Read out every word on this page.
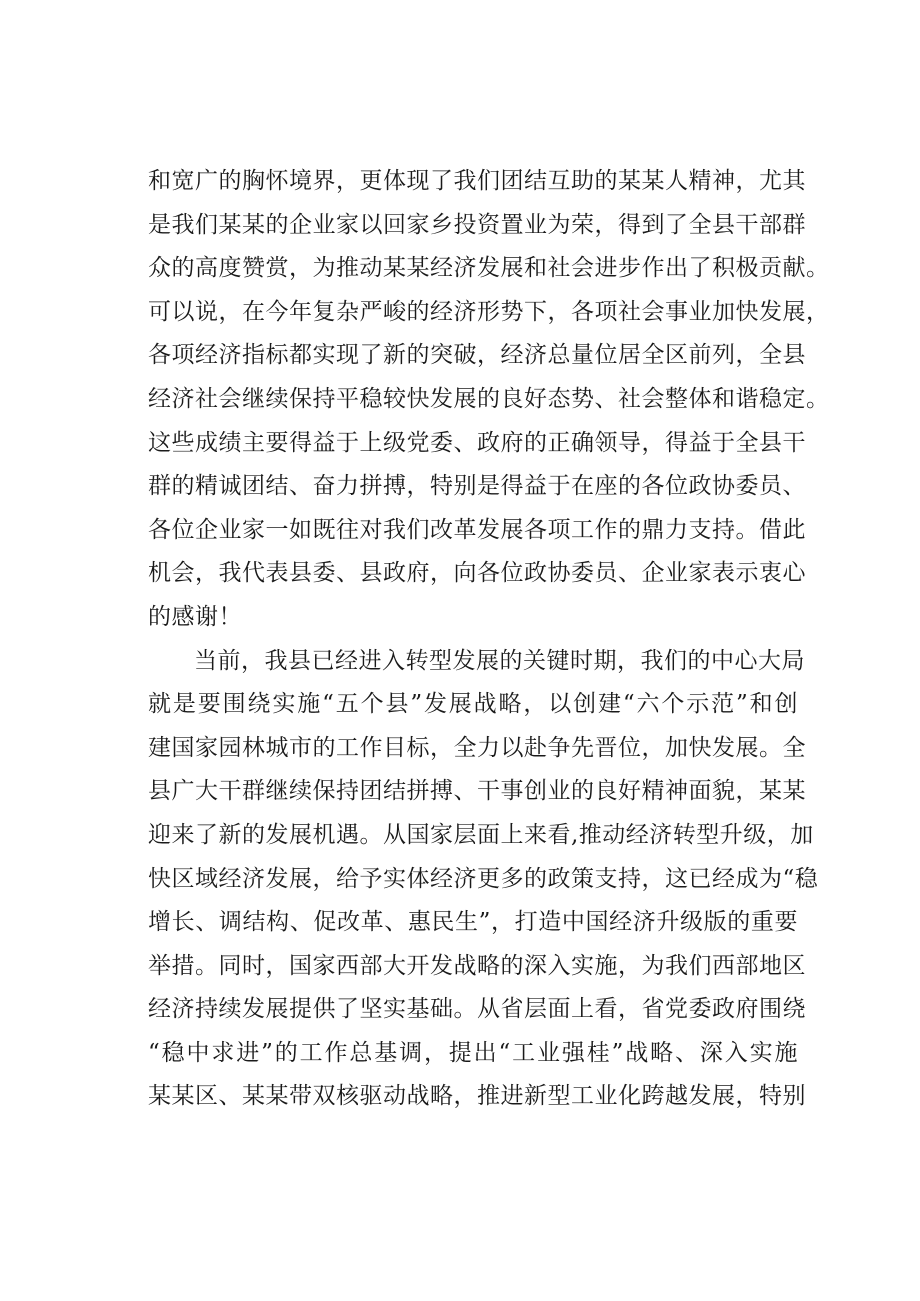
和宽广的胸怀境界，更体现了我们团结互助的某某人精神，尤其
是我们某某的企业家以回家乡投资置业为荣，得到了全县干部群
众的高度赞赏，为推动某某经济发展和社会进步作出了积极贡献。
可以说，在今年复杂严峻的经济形势下，各项社会事业加快发展，
各项经济指标都实现了新的突破，经济总量位居全区前列，全县
经济社会继续保持平稳较快发展的良好态势、社会整体和谐稳定。
这些成绩主要得益于上级党委、政府的正确领导，得益于全县干
群的精诚团结、奋力拼搏，特别是得益于在座的各位政协委员、
各位企业家一如既往对我们改革发展各项工作的鼎力支持。借此
机会，我代表县委、县政府，向各位政协委员、企业家表示衷心
的感谢！
当前，我县已经进入转型发展的关键时期，我们的中心大局
就是要围绕实施“五个县”发展战略，以创建“六个示范”和创
建国家园林城市的工作目标，全力以赴争先晋位，加快发展。全
县广大干群继续保持团结拼搏、干事创业的良好精神面貌，某某
迎来了新的发展机遇。从国家层面上来看,推动经济转型升级，加
快区域经济发展，给予实体经济更多的政策支持，这已经成为“稳
增长、调结构、促改革、惠民生”，打造中国经济升级版的重要
举措。同时，国家西部大开发战略的深入实施，为我们西部地区
经济持续发展提供了坚实基础。从省层面上看，省党委政府围绕
“稳中求进”的工作总基调，提出“工业强桂”战略、深入实施
某某区、某某带双核驱动战略，推进新型工业化跨越发展，特别
